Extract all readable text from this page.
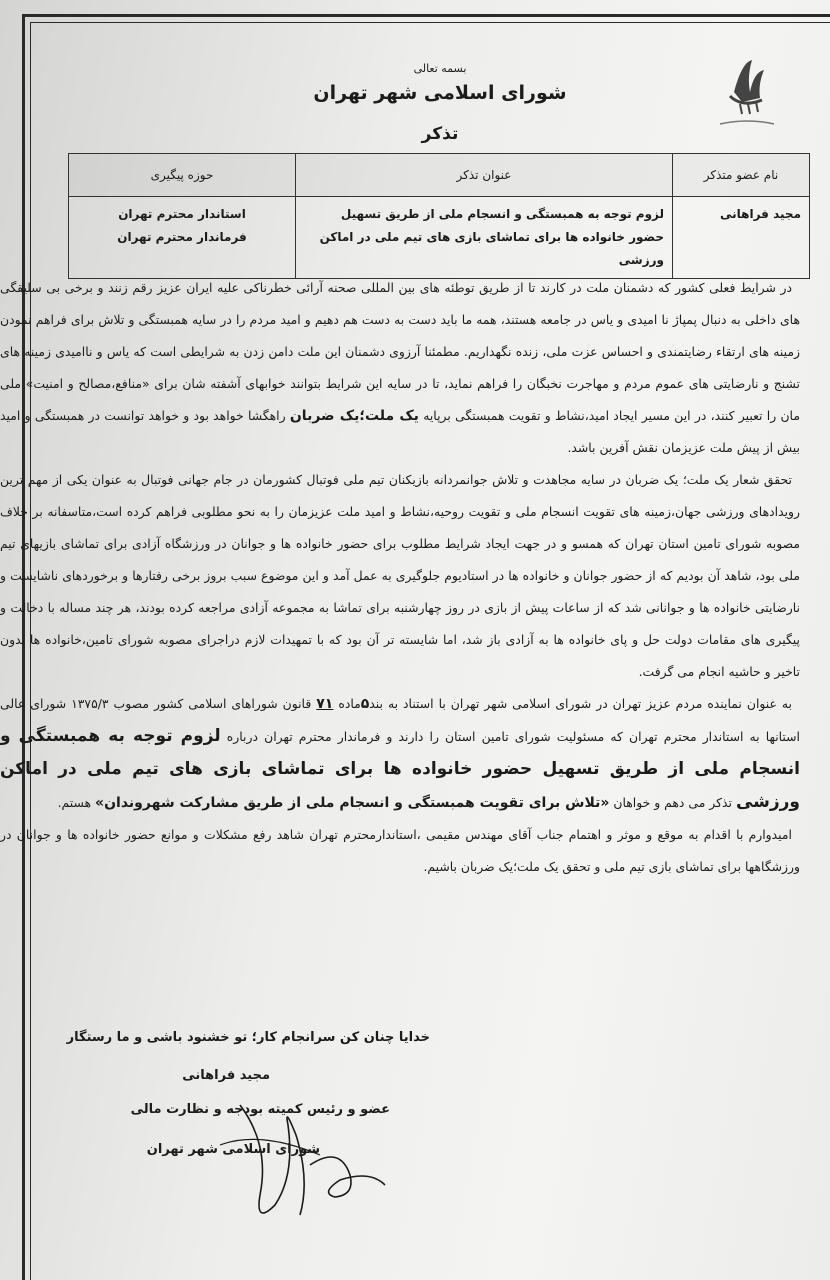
بسمه تعالی
شورای اسلامی شهر تهران
تذکر
نام عضو متذکر	عنوان تذکر	حوزه پیگیری
مجید فراهانی	لزوم توجه به همبستگی و انسجام ملی از طریق تسهیل حضور خانواده ها برای تماشای بازی های تیم ملی در اماکن ورزشی	استاندار محترم تهران
فرماندار محترم تهران

در شرایط فعلی کشور که دشمنان ملت در کارند تا از طریق توطئه های بین المللی صحنه آرائی خطرناکی علیه ایران عزیز رقم زنند و برخی بی سلیقگی های داخلی به دنبال پمپاژ نا امیدی و یاس در جامعه هستند، همه ما باید دست به دست هم دهیم و امید مردم را در سایه همبستگی و تلاش برای فراهم نمودن زمینه های ارتقاء رضایتمندی و احساس عزت ملی، زنده نگهداریم. مطمئنا آرزوی دشمنان این ملت دامن زدن به شرایطی است که یاس و ناامیدی زمینه های تشنج و نارضایتی های عموم مردم و مهاجرت نخبگان را فراهم نماید، تا در سایه این شرایط بتوانند خوابهای آشفته شان برای «منافع،مصالح و امنیت» ملی مان را تعبیر کنند، در این مسیر ایجاد امید،نشاط و تقویت همبستگی برپایه یک ملت؛یک ضربان راهگشا خواهد بود و خواهد توانست در همبستگی و امید بیش از پیش ملت عزیزمان نقش آفرین باشد.

تحقق شعار یک ملت؛ یک ضربان در سایه مجاهدت و تلاش جوانمردانه بازیکنان تیم ملی فوتبال کشورمان در جام جهانی فوتبال به عنوان یکی از مهم ترین رویدادهای ورزشی جهان،زمینه های تقویت انسجام ملی و تقویت روحیه،نشاط و امید ملت عزیزمان را به نحو مطلوبی فراهم کرده است،متاسفانه بر خلاف مصوبه شورای تامین استان تهران که همسو و در جهت ایجاد شرایط مطلوب برای حضور خانواده ها و جوانان در ورزشگاه آزادی برای تماشای بازیهای تیم ملی بود، شاهد آن بودیم که از حضور جوانان و خانواده ها در استادیوم جلوگیری به عمل آمد و این موضوع سبب بروز برخی رفتارها و برخوردهای ناشایست و نارضایتی خانواده ها و جوانانی شد که از ساعات پیش از بازی در روز چهارشنبه برای تماشا به مجموعه آزادی مراجعه کرده بودند، هر چند مساله با دخالت و پیگیری های مقامات دولت حل و پای خانواده ها به آزادی باز شد، اما شایسته تر آن بود که با تمهیدات لازم دراجرای مصوبه شورای تامین،خانواده ها بدون تاخیر و حاشیه انجام می گرفت.

به عنوان نماینده مردم عزیز تهران در شورای اسلامی شهر تهران با استناد به بند۵ماده ۷۱ قانون شوراهای اسلامی کشور مصوب ۱۳۷۵/۳ شورای عالی استانها به استاندار محترم تهران که مسئولیت شورای تامین استان را دارند و فرماندار محترم تهران درباره لزوم توجه به همبستگی و انسجام ملی از طریق تسهیل حضور خانواده ها برای تماشای بازی های تیم ملی در اماکن ورزشی تذکر می دهم و خواهان «تلاش برای تقویت همبستگی و انسجام ملی از طریق مشارکت شهروندان» هستم.

امیدوارم با اقدام به موقع و موثر و اهتمام جناب آقای مهندس مقیمی ،استاندارمحترم تهران شاهد رفع مشکلات و موانع حضور خانواده ها و جوانان در ورزشگاهها برای تماشای بازی تیم ملی و تحقق یک ملت؛یک ضربان باشیم.

خدایا چنان کن سرانجام کار؛ تو خشنود باشی و ما رستگار
مجید فراهانی
عضو و رئیس کمیته بودجه و نظارت مالی
شورای اسلامی شهر تهران
